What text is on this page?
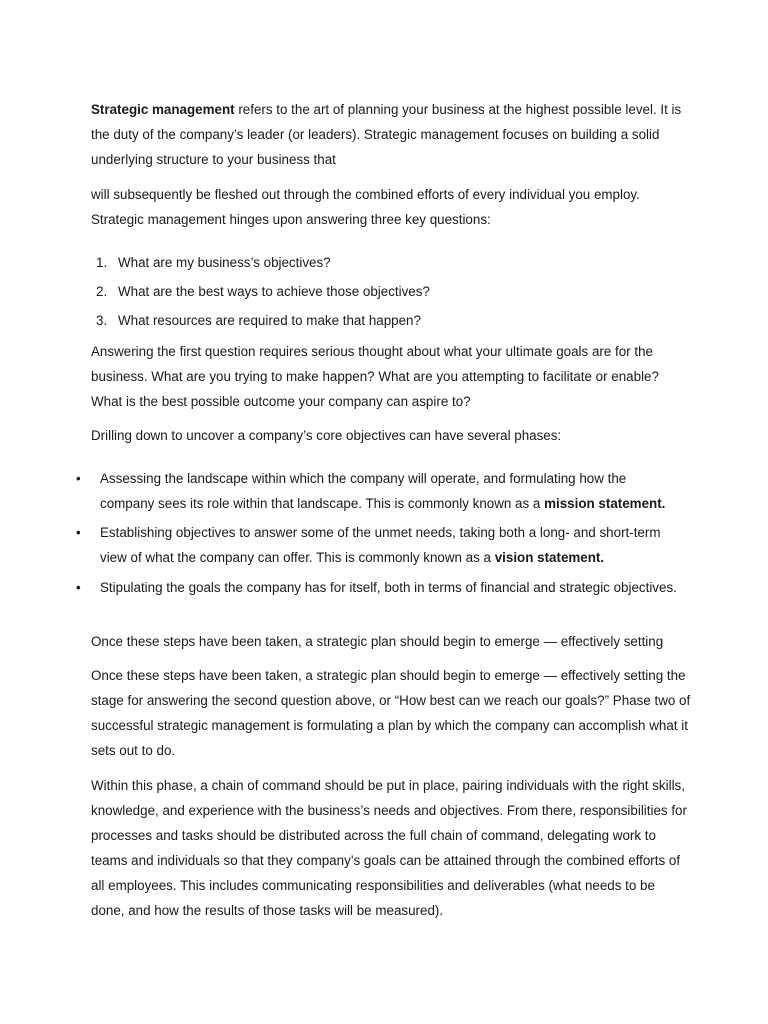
Strategic management refers to the art of planning your business at the highest possible level. It is the duty of the company’s leader (or leaders). Strategic management focuses on building a solid underlying structure to your business that

will subsequently be fleshed out through the combined efforts of every individual you employ. Strategic management hinges upon answering three key questions:

1. What are my business’s objectives?
2. What are the best ways to achieve those objectives?
3. What resources are required to make that happen?

Answering the first question requires serious thought about what your ultimate goals are for the business. What are you trying to make happen? What are you attempting to facilitate or enable? What is the best possible outcome your company can aspire to?

Drilling down to uncover a company’s core objectives can have several phases:

• Assessing the landscape within which the company will operate, and formulating how the company sees its role within that landscape. This is commonly known as a mission statement.

• Establishing objectives to answer some of the unmet needs, taking both a long- and short-term view of what the company can offer. This is commonly known as a vision statement.

• Stipulating the goals the company has for itself, both in terms of financial and strategic objectives.

Once these steps have been taken, a strategic plan should begin to emerge — effectively setting

Once these steps have been taken, a strategic plan should begin to emerge — effectively setting the stage for answering the second question above, or “How best can we reach our goals?” Phase two of successful strategic management is formulating a plan by which the company can accomplish what it sets out to do.

Within this phase, a chain of command should be put in place, pairing individuals with the right skills, knowledge, and experience with the business’s needs and objectives. From there, responsibilities for processes and tasks should be distributed across the full chain of command, delegating work to teams and individuals so that they company’s goals can be attained through the combined efforts of all employees. This includes communicating responsibilities and deliverables (what needs to be done, and how the results of those tasks will be measured).
